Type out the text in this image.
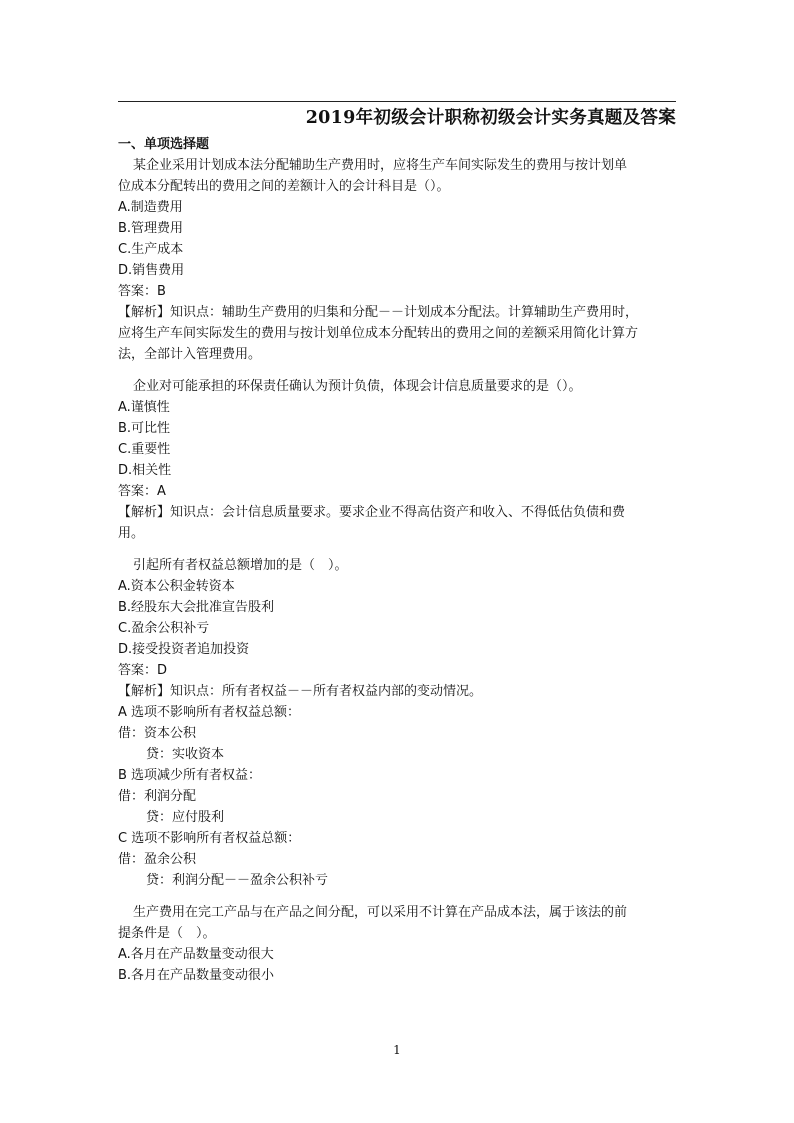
2019年初级会计职称初级会计实务真题及答案
一、单项选择题
某企业采用计划成本法分配辅助生产费用时，应将生产车间实际发生的费用与按计划单
位成本分配转出的费用之间的差额计入的会计科目是（）。
A.制造费用
B.管理费用
C.生产成本
D.销售费用
答案：B
【解析】知识点：辅助生产费用的归集和分配－－计划成本分配法。计算辅助生产费用时，
应将生产车间实际发生的费用与按计划单位成本分配转出的费用之间的差额采用简化计算方
法，全部计入管理费用。
企业对可能承担的环保责任确认为预计负债，体现会计信息质量要求的是（）。
A.谨慎性
B.可比性
C.重要性
D.相关性
答案：A
【解析】知识点：会计信息质量要求。要求企业不得高估资产和收入、不得低估负债和费
用。
引起所有者权益总额增加的是（　）。
A.资本公积金转资本
B.经股东大会批准宣告股利
C.盈余公积补亏
D.接受投资者追加投资
答案：D
【解析】知识点：所有者权益－－所有者权益内部的变动情况。
A 选项不影响所有者权益总额：
借：资本公积
贷：实收资本
B 选项减少所有者权益：
借：利润分配
贷：应付股利
C 选项不影响所有者权益总额：
借：盈余公积
贷：利润分配－－盈余公积补亏
生产费用在完工产品与在产品之间分配，可以采用不计算在产品成本法，属于该法的前
提条件是（　）。
A.各月在产品数量变动很大
B.各月在产品数量变动很小
1
